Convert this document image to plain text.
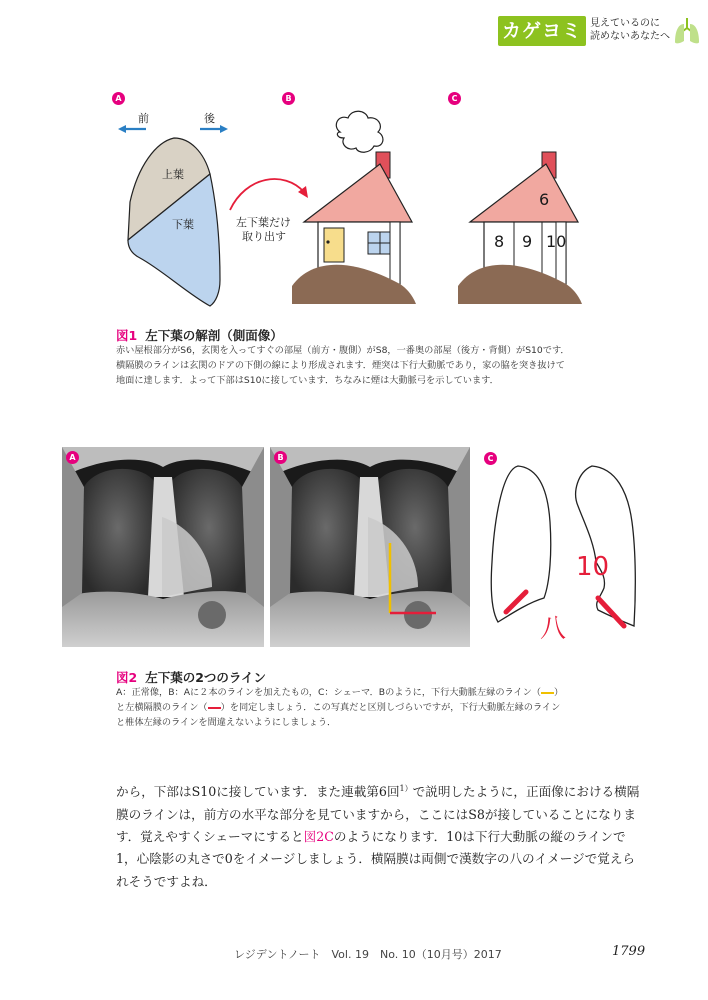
カゲヨミ 見えているのに
読めないあなたへ
A
前	後
上葉
下葉	左下葉だけ
取り出す
B	C
6
8 9 10
図1 左下葉の解剖（側面像）
赤い屋根部分がS6，玄関を入ってすぐの部屋（前方・腹側）がS8，一番奥の部屋（後方・背側）がS10です．
横隔膜のラインは玄関のドアの下側の線により形成されます．煙突は下行大動脈であり，家の脇を突き抜けて
地面に達します．よって下部はS10に接しています．ちなみに煙は大動脈弓を示しています．
A	B	C
10
八
図2 左下葉の2つのライン
A：正常像，B：Aに２本のラインを加えたもの，C：シェーマ．Bのように，下行大動脈左縁のライン（ ）
と左横隔膜のライン（ ）を同定しましょう．この写真だと区別しづらいですが，下行大動脈左縁のライン
と椎体左縁のラインを間違えないようにしましょう．
から，下部はS10に接しています．また連載第6回$^{1)}$で説明したように，正面像における横隔
膜のラインは，前方の水平な部分を見ていますから，ここにはS8が接していることになりま
す．覚えやすくシェーマにすると図2Cのようになります．10は下行大動脈の縦のラインで
1，心陰影の丸さで0をイメージしましょう．横隔膜は両側で漢数字の八のイメージで覚えら
れそうですよね．
レジデントノート　Vol. 19　No. 10（10月号）2017	1799
